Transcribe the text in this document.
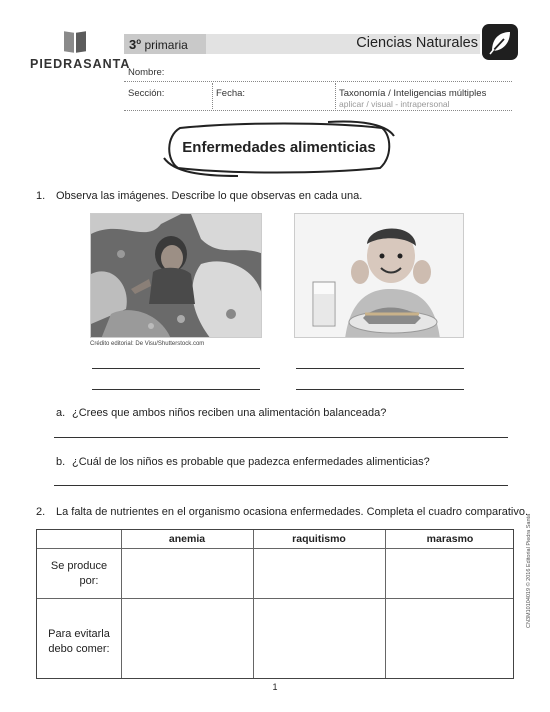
PIEDRASANTA
3$^o$ primaria	Ciencias Naturales
Nombre:
Sección:	Fecha:	Taxonomía / Inteligencias múltiples
aplicar / visual - intrapersonal
Enfermedades alimenticias
1. Observa las imágenes. Describe lo que observas en cada una.
Crédito editorial: De Visu/Shutterstock.com
a. ¿Crees que ambos niños reciben una alimentación balanceada?
b. ¿Cuál de los niños es probable que padezca enfermedades alimenticias?
2. La falta de nutrientes en el organismo ocasiona enfermedades. Completa el cuadro comparativo.
anemia	raquitismo	marasmo
Se produce
por:
Para evitarla
debo comer:
1
CN3M10104019 © 2016 Editorial Piedra Santa
